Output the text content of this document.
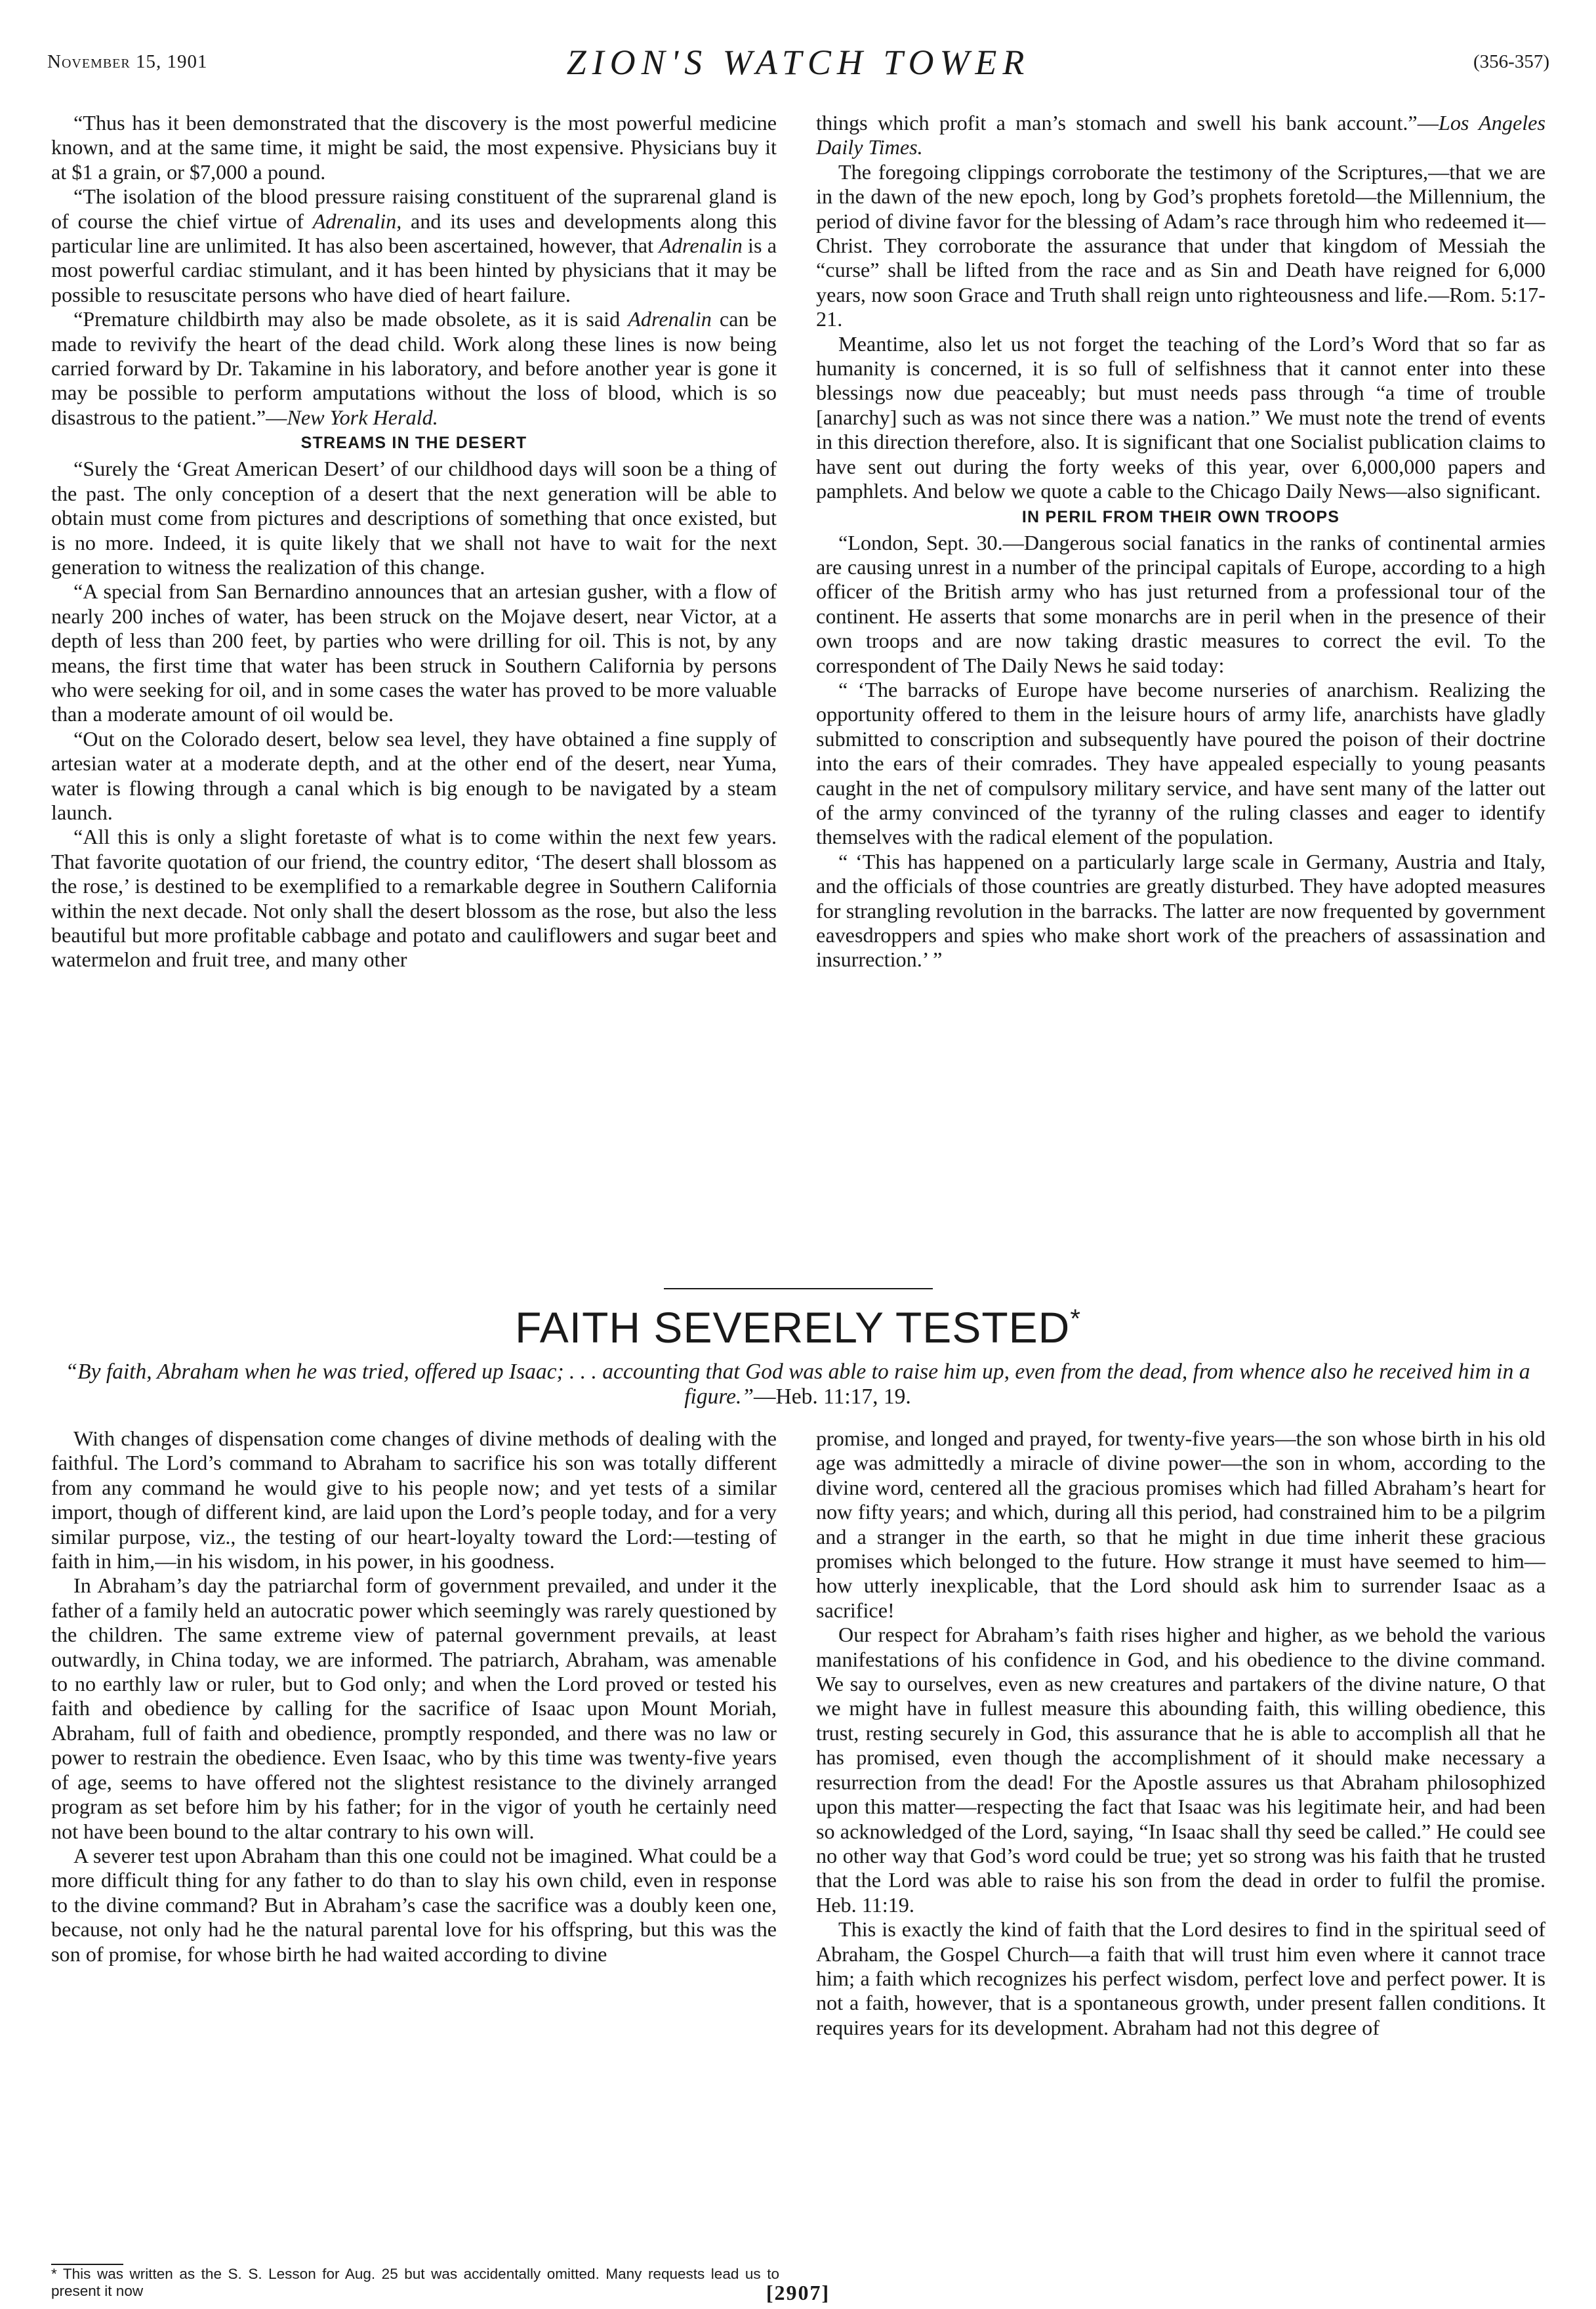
November 15, 1901	ZION'S WATCH TOWER	(356-357)

“Thus has it been demonstrated that the discovery is the most powerful medicine known, and at the same time, it might be said, the most expensive. Physicians buy it at $1 a grain, or $7,000 a pound.

“The isolation of the blood pressure raising constituent of the suprarenal gland is of course the chief virtue of Adrenalin, and its uses and developments along this particular line are unlimited. It has also been ascertained, however, that Adrenalin is a most powerful cardiac stimulant, and it has been hinted by physicians that it may be possible to resuscitate persons who have died of heart failure.

“Premature childbirth may also be made obsolete, as it is said Adrenalin can be made to revivify the heart of the dead child. Work along these lines is now being carried forward by Dr. Takamine in his laboratory, and before another year is gone it may be possible to perform amputations without the loss of blood, which is so disastrous to the patient.”—New York Herald.

STREAMS IN THE DESERT

“Surely the ‘Great American Desert’ of our childhood days will soon be a thing of the past. The only conception of a desert that the next generation will be able to obtain must come from pictures and descriptions of something that once existed, but is no more. Indeed, it is quite likely that we shall not have to wait for the next generation to witness the realization of this change.

“A special from San Bernardino announces that an artesian gusher, with a flow of nearly 200 inches of water, has been struck on the Mojave desert, near Victor, at a depth of less than 200 feet, by parties who were drilling for oil. This is not, by any means, the first time that water has been struck in Southern California by persons who were seeking for oil, and in some cases the water has proved to be more valuable than a moderate amount of oil would be.

“Out on the Colorado desert, below sea level, they have obtained a fine supply of artesian water at a moderate depth, and at the other end of the desert, near Yuma, water is flowing through a canal which is big enough to be navigated by a steam launch.

“All this is only a slight foretaste of what is to come within the next few years. That favorite quotation of our friend, the country editor, ‘The desert shall blossom as the rose,’ is destined to be exemplified to a remarkable degree in Southern California within the next decade. Not only shall the desert blossom as the rose, but also the less beautiful but more profitable cabbage and potato and cauliflowers and sugar beet and watermelon and fruit tree, and many other

things which profit a man’s stomach and swell his bank account.”—Los Angeles Daily Times.

The foregoing clippings corroborate the testimony of the Scriptures,—that we are in the dawn of the new epoch, long by God’s prophets foretold—the Millennium, the period of divine favor for the blessing of Adam’s race through him who redeemed it—Christ. They corroborate the assurance that under that kingdom of Messiah the “curse” shall be lifted from the race and as Sin and Death have reigned for 6,000 years, now soon Grace and Truth shall reign unto righteousness and life.—Rom. 5:17-21.

Meantime, also let us not forget the teaching of the Lord’s Word that so far as humanity is concerned, it is so full of selfishness that it cannot enter into these blessings now due peaceably; but must needs pass through “a time of trouble [anarchy] such as was not since there was a nation.” We must note the trend of events in this direction therefore, also. It is significant that one Socialist publication claims to have sent out during the forty weeks of this year, over 6,000,000 papers and pamphlets. And below we quote a cable to the Chicago Daily News—also significant.

IN PERIL FROM THEIR OWN TROOPS

“London, Sept. 30.—Dangerous social fanatics in the ranks of continental armies are causing unrest in a number of the principal capitals of Europe, according to a high officer of the British army who has just returned from a professional tour of the continent. He asserts that some monarchs are in peril when in the presence of their own troops and are now taking drastic measures to correct the evil. To the correspondent of The Daily News he said today:

“ ‘The barracks of Europe have become nurseries of anarchism. Realizing the opportunity offered to them in the leisure hours of army life, anarchists have gladly submitted to conscription and subsequently have poured the poison of their doctrine into the ears of their comrades. They have appealed especially to young peasants caught in the net of compulsory military service, and have sent many of the latter out of the army convinced of the tyranny of the ruling classes and eager to identify themselves with the radical element of the population.

“ ‘This has happened on a particularly large scale in Germany, Austria and Italy, and the officials of those countries are greatly disturbed. They have adopted measures for strangling revolution in the barracks. The latter are now frequented by government eavesdroppers and spies who make short work of the preachers of assassination and insurrection.’ ”

FAITH SEVERELY TESTED*
“By faith, Abraham when he was tried, offered up Isaac; . . . accounting that God was able to raise him up, even from the dead, from whence also he received him in a figure.”—Heb. 11:17, 19.

With changes of dispensation come changes of divine methods of dealing with the faithful. The Lord’s command to Abraham to sacrifice his son was totally different from any command he would give to his people now; and yet tests of a similar import, though of different kind, are laid upon the Lord’s people today, and for a very similar purpose, viz., the testing of our heart-loyalty toward the Lord:—testing of faith in him,—in his wisdom, in his power, in his goodness.

In Abraham’s day the patriarchal form of government prevailed, and under it the father of a family held an autocratic power which seemingly was rarely questioned by the children. The same extreme view of paternal government prevails, at least outwardly, in China today, we are informed. The patriarch, Abraham, was amenable to no earthly law or ruler, but to God only; and when the Lord proved or tested his faith and obedience by calling for the sacrifice of Isaac upon Mount Moriah, Abraham, full of faith and obedience, promptly responded, and there was no law or power to restrain the obedience. Even Isaac, who by this time was twenty-five years of age, seems to have offered not the slightest resistance to the divinely arranged program as set before him by his father; for in the vigor of youth he certainly need not have been bound to the altar contrary to his own will.

A severer test upon Abraham than this one could not be imagined. What could be a more difficult thing for any father to do than to slay his own child, even in response to the divine command? But in Abraham’s case the sacrifice was a doubly keen one, because, not only had he the natural parental love for his offspring, but this was the son of promise, for whose birth he had waited according to divine

promise, and longed and prayed, for twenty-five years—the son whose birth in his old age was admittedly a miracle of divine power—the son in whom, according to the divine word, centered all the gracious promises which had filled Abraham’s heart for now fifty years; and which, during all this period, had constrained him to be a pilgrim and a stranger in the earth, so that he might in due time inherit these gracious promises which belonged to the future. How strange it must have seemed to him—how utterly inexplicable, that the Lord should ask him to surrender Isaac as a sacrifice!

Our respect for Abraham’s faith rises higher and higher, as we behold the various manifestations of his confidence in God, and his obedience to the divine command. We say to ourselves, even as new creatures and partakers of the divine nature, O that we might have in fullest measure this abounding faith, this willing obedience, this trust, resting securely in God, this assurance that he is able to accomplish all that he has promised, even though the accomplishment of it should make necessary a resurrection from the dead! For the Apostle assures us that Abraham philosophized upon this matter—respecting the fact that Isaac was his legitimate heir, and had been so acknowledged of the Lord, saying, “In Isaac shall thy seed be called.” He could see no other way that God’s word could be true; yet so strong was his faith that he trusted that the Lord was able to raise his son from the dead in order to fulfil the promise. Heb. 11:19.

This is exactly the kind of faith that the Lord desires to find in the spiritual seed of Abraham, the Gospel Church—a faith that will trust him even where it cannot trace him; a faith which recognizes his perfect wisdom, perfect love and perfect power. It is not a faith, however, that is a spontaneous growth, under present fallen conditions. It requires years for its development. Abraham had not this degree of

* This was written as the S. S. Lesson for Aug. 25 but was accidentally omitted. Many requests lead us to present it now	[2907]
